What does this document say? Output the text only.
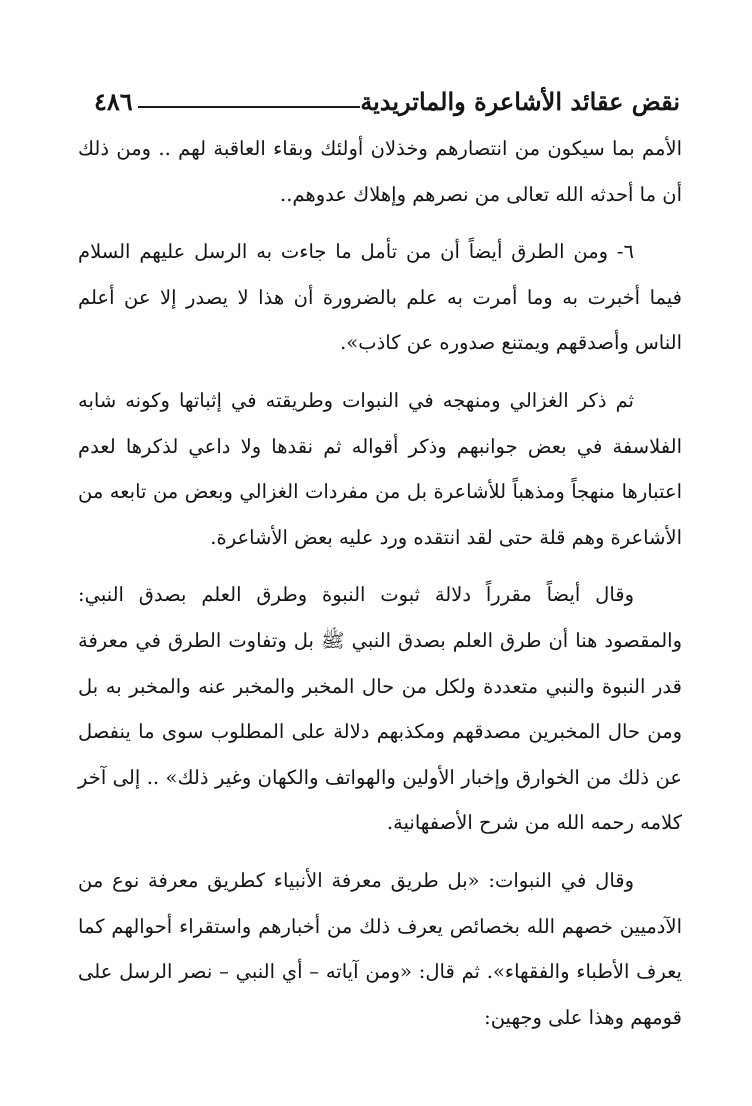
نقض عقائد الأشاعرة والماتريدية
٤٨٦

الأمم بما سيكون من انتصارهم وخذلان أولئك وبقاء العاقبة لهم .. ومن ذلك أن ما أحدثه الله تعالى من نصرهم وإهلاك عدوهم..

٦- ومن الطرق أيضاً أن من تأمل ما جاءت به الرسل عليهم السلام فيما أخبرت به وما أمرت به علم بالضرورة أن هذا لا يصدر إلا عن أعلم الناس وأصدقهم ويمتنع صدوره عن كاذب».

ثم ذكر الغزالي ومنهجه في النبوات وطريقته في إثباتها وكونه شابه الفلاسفة في بعض جوانبهم وذكر أقواله ثم نقدها ولا داعي لذكرها لعدم اعتبارها منهجاً ومذهباً للأشاعرة بل من مفردات الغزالي وبعض من تابعه من الأشاعرة وهم قلة حتى لقد انتقده ورد عليه بعض الأشاعرة.

وقال أيضاً مقرراً دلالة ثبوت النبوة وطرق العلم بصدق النبي: والمقصود هنا أن طرق العلم بصدق النبي ﷺ بل وتفاوت الطرق في معرفة قدر النبوة والنبي متعددة ولكل من حال المخبر والمخبر عنه والمخبر به بل ومن حال المخبرين مصدقهم ومكذبهم دلالة على المطلوب سوى ما ينفصل عن ذلك من الخوارق وإخبار الأولين والهواتف والكهان وغير ذلك» .. إلى آخر كلامه رحمه الله من شرح الأصفهانية.

وقال في النبوات: «بل طريق معرفة الأنبياء كطريق معرفة نوع من الآدميين خصهم الله بخصائص يعرف ذلك من أخبارهم واستقراء أحوالهم كما يعرف الأطباء والفقهاء». ثم قال: «ومن آياته – أي النبي – نصر الرسل على قومهم وهذا على وجهين:
